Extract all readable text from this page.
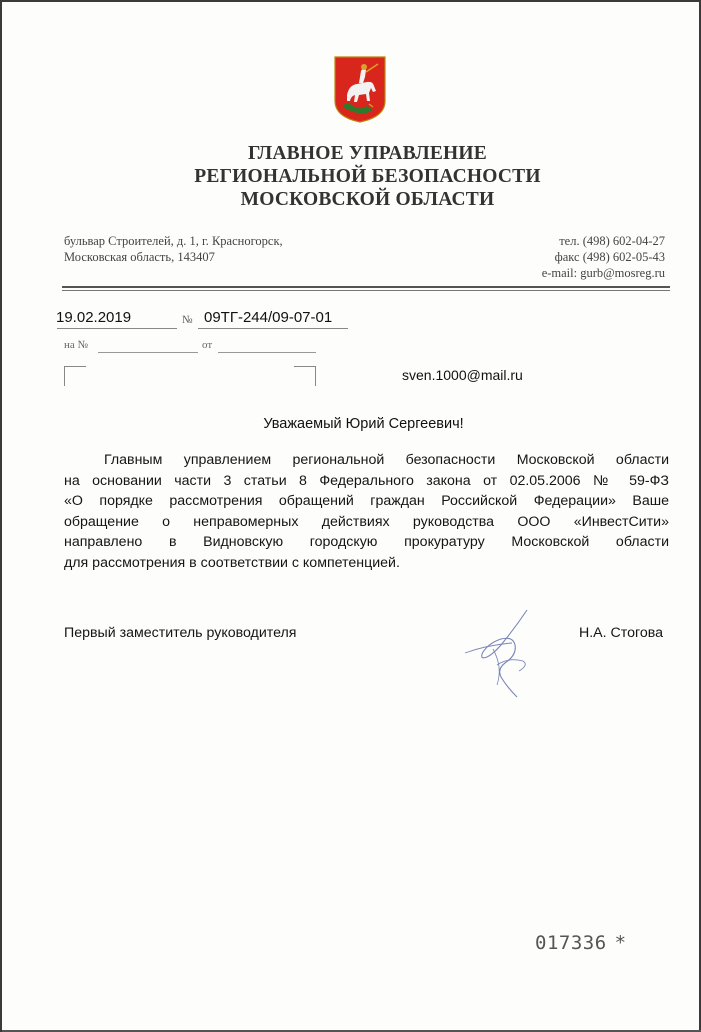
ГЛАВНОЕ УПРАВЛЕНИЕ
РЕГИОНАЛЬНОЙ БЕЗОПАСНОСТИ
МОСКОВСКОЙ ОБЛАСТИ
бульвар Строителей, д. 1, г. Красногорск,
Московская область, 143407
тел. (498) 602-04-27
факс (498) 602-05-43
e-mail: gurb@mosreg.ru
19.02.2019	№ 09ТГ-244/09-07-01
на №	от
sven.1000@mail.ru
Уважаемый Юрий Сергеевич!
Главным управлением региональной безопасности Московской области
на основании части 3 статьи 8 Федерального закона от 02.05.2006 № 59-ФЗ
«О порядке рассмотрения обращений граждан Российской Федерации» Ваше
обращение о неправомерных действиях руководства ООО «ИнвестСити»
направлено в Видновскую городскую прокуратуру Московской области
для рассмотрения в соответствии с компетенцией.
Первый заместитель руководителя	Н.А. Стогова
017336 *
